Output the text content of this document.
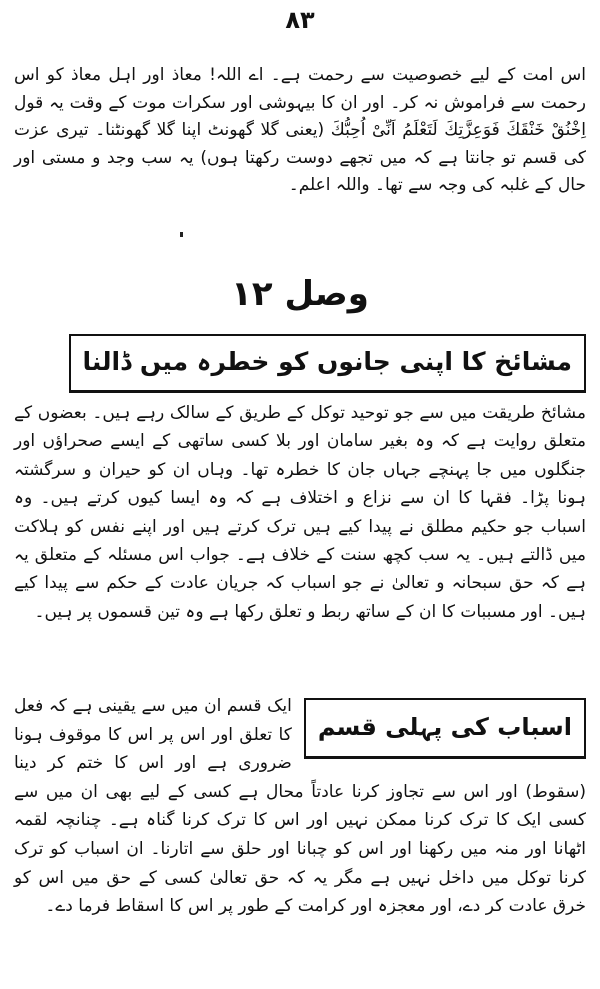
۸۳

اس امت کے لیے خصوصیت سے رحمت ہے۔ اے اللہ! معاذ اور اہل معاذ کو اس رحمت سے فراموش نہ کر۔ اور ان کا بیہوشی اور سکرات موت کے وقت یہ قول اِخْنُقْ خَنْقَكَ فَوَعِزَّتِكَ لَتَعْلَمُ اَنِّیْ اُحِبُّكَ (یعنی گلا گھونٹ اپنا گلا گھونٹنا۔ تیری عزت کی قسم تو جانتا ہے کہ میں تجھے دوست رکھتا ہوں) یہ سب وجد و مستی اور حال کے غلبہ کی وجہ سے تھا۔ واللہ اعلم۔

وصل ۱۲
مشائخ کا اپنی جانوں کو خطرہ میں ڈالنا

مشائخ طریقت میں سے جو توحید توکل کے طریق کے سالک رہے ہیں۔ بعضوں کے متعلق روایت ہے کہ وہ بغیر سامان اور بلا کسی ساتھی کے ایسے صحراؤں اور جنگلوں میں جا پہنچے جہاں جان کا خطرہ تھا۔ وہاں ان کو حیران و سرگشتہ ہونا پڑا۔ فقہا کا ان سے نزاع و اختلاف ہے کہ وہ ایسا کیوں کرتے ہیں۔ وہ اسباب جو حکیم مطلق نے پیدا کیے ہیں ترک کرتے ہیں اور اپنے نفس کو ہلاکت میں ڈالتے ہیں۔ یہ سب کچھ سنت کے خلاف ہے۔ جواب اس مسئلہ کے متعلق یہ ہے کہ حق سبحانہ و تعالیٰ نے جو اسباب کہ جریان عادت کے حکم سے پیدا کیے ہیں۔ اور مسببات کا ان کے ساتھ ربط و تعلق رکھا ہے وہ تین قسموں پر ہیں۔

اسباب کی پہلی قسم

ایک قسم ان میں سے یقینی ہے کہ فعل کا تعلق اور اس پر اس کا موقوف ہونا ضروری ہے اور اس کا ختم کر دینا (سقوط) اور اس سے تجاوز کرنا عادتاً محال ہے کسی کے لیے بھی ان میں سے کسی ایک کا ترک کرنا ممکن نہیں اور اس کا ترک کرنا گناہ ہے۔ چنانچہ لقمہ اٹھانا اور منہ میں رکھنا اور اس کو چبانا اور حلق سے اتارنا۔ ان اسباب کو ترک کرنا توکل میں داخل نہیں ہے مگر یہ کہ حق تعالیٰ کسی کے حق میں اس کو خرق عادت کر دے، اور معجزہ اور کرامت کے طور پر اس کا اسقاط فرما دے۔
